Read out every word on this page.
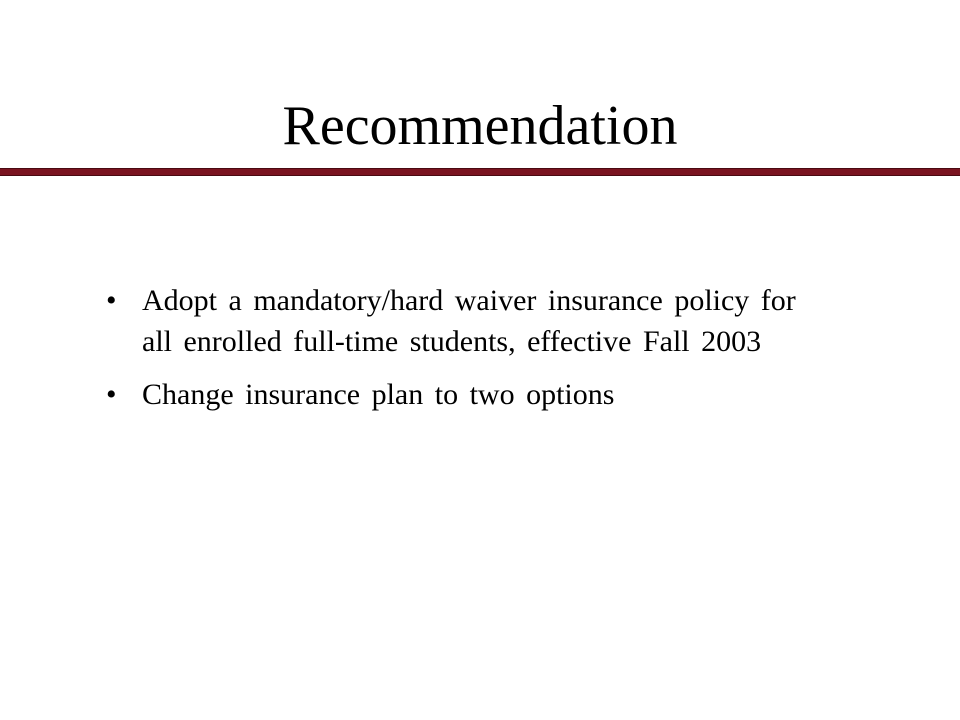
Recommendation
• Adopt a mandatory/hard waiver insurance policy for all enrolled full-time students, effective Fall 2003
• Change insurance plan to two options
